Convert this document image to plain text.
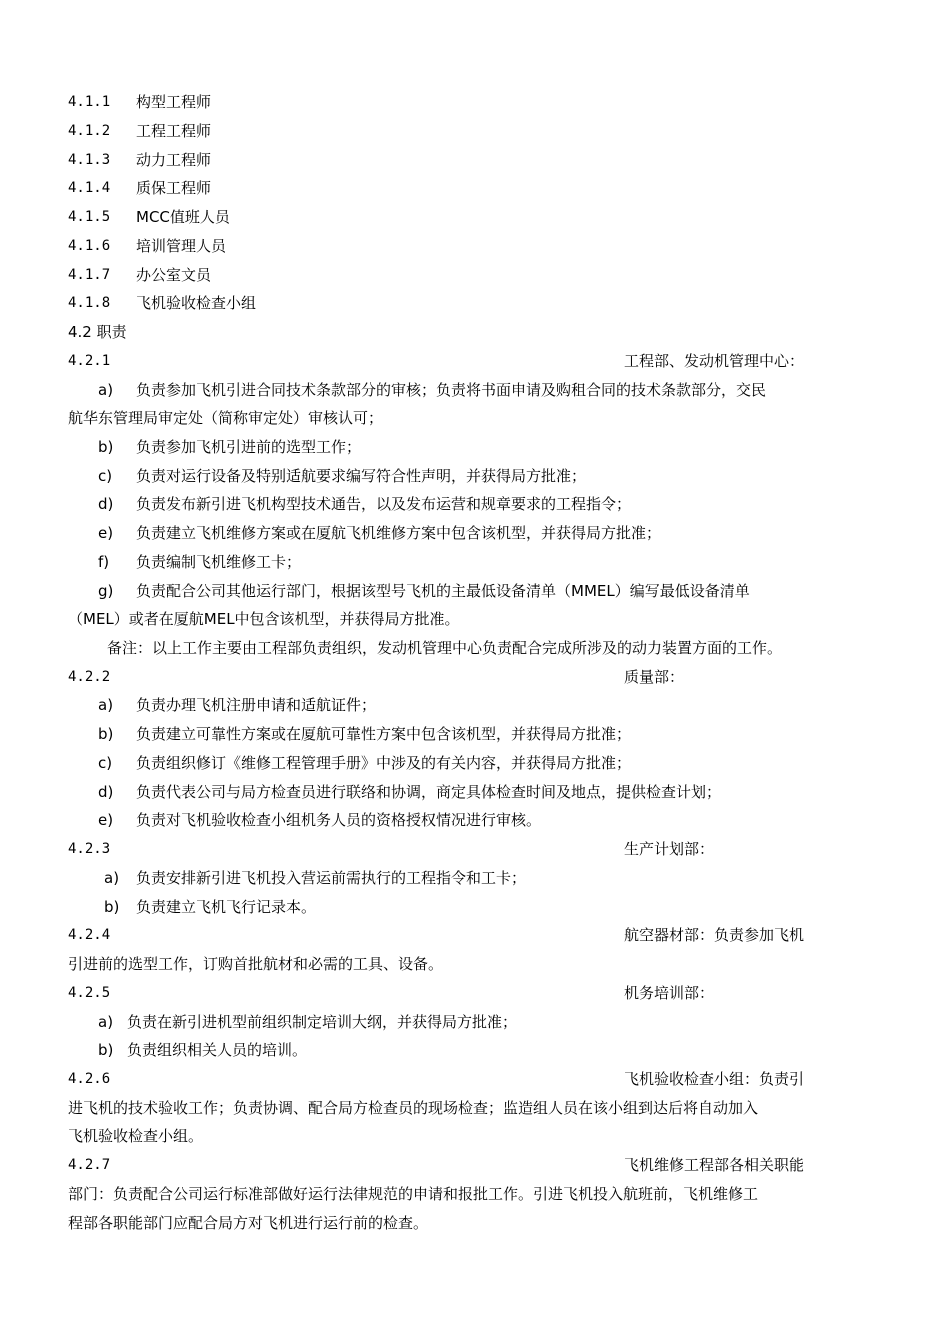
4.1.1 构型工程师
4.1.2 工程工程师
4.1.3 动力工程师
4.1.4 质保工程师
4.1.5 MCC值班人员
4.1.6 培训管理人员
4.1.7 办公室文员
4.1.8 飞机验收检查小组
4.2 职责
4.2.1	工程部、发动机管理中心：
a) 负责参加飞机引进合同技术条款部分的审核；负责将书面申请及购租合同的技术条款部分，交民
航华东管理局审定处（简称审定处）审核认可；
b) 负责参加飞机引进前的选型工作；
c) 负责对运行设备及特别适航要求编写符合性声明，并获得局方批准；
d) 负责发布新引进飞机构型技术通告，以及发布运营和规章要求的工程指令；
e) 负责建立飞机维修方案或在厦航飞机维修方案中包含该机型，并获得局方批准；
f) 负责编制飞机维修工卡；
g) 负责配合公司其他运行部门，根据该型号飞机的主最低设备清单（MMEL）编写最低设备清单
（MEL）或者在厦航MEL中包含该机型，并获得局方批准。
备注：以上工作主要由工程部负责组织，发动机管理中心负责配合完成所涉及的动力装置方面的工作。
4.2.2	质量部：
a) 负责办理飞机注册申请和适航证件；
b) 负责建立可靠性方案或在厦航可靠性方案中包含该机型，并获得局方批准；
c) 负责组织修订《维修工程管理手册》中涉及的有关内容，并获得局方批准；
d) 负责代表公司与局方检查员进行联络和协调，商定具体检查时间及地点，提供检查计划；
e) 负责对飞机验收检查小组机务人员的资格授权情况进行审核。
4.2.3	生产计划部：
a) 负责安排新引进飞机投入营运前需执行的工程指令和工卡；
b) 负责建立飞机飞行记录本。
4.2.4	航空器材部：负责参加飞机
引进前的选型工作，订购首批航材和必需的工具、设备。
4.2.5	机务培训部：
a) 负责在新引进机型前组织制定培训大纲，并获得局方批准；
b) 负责组织相关人员的培训。
4.2.6	飞机验收检查小组：负责引
进飞机的技术验收工作；负责协调、配合局方检查员的现场检查；监造组人员在该小组到达后将自动加入
飞机验收检查小组。
4.2.7	飞机维修工程部各相关职能
部门：负责配合公司运行标准部做好运行法律规范的申请和报批工作。引进飞机投入航班前，飞机维修工
程部各职能部门应配合局方对飞机进行运行前的检查。
